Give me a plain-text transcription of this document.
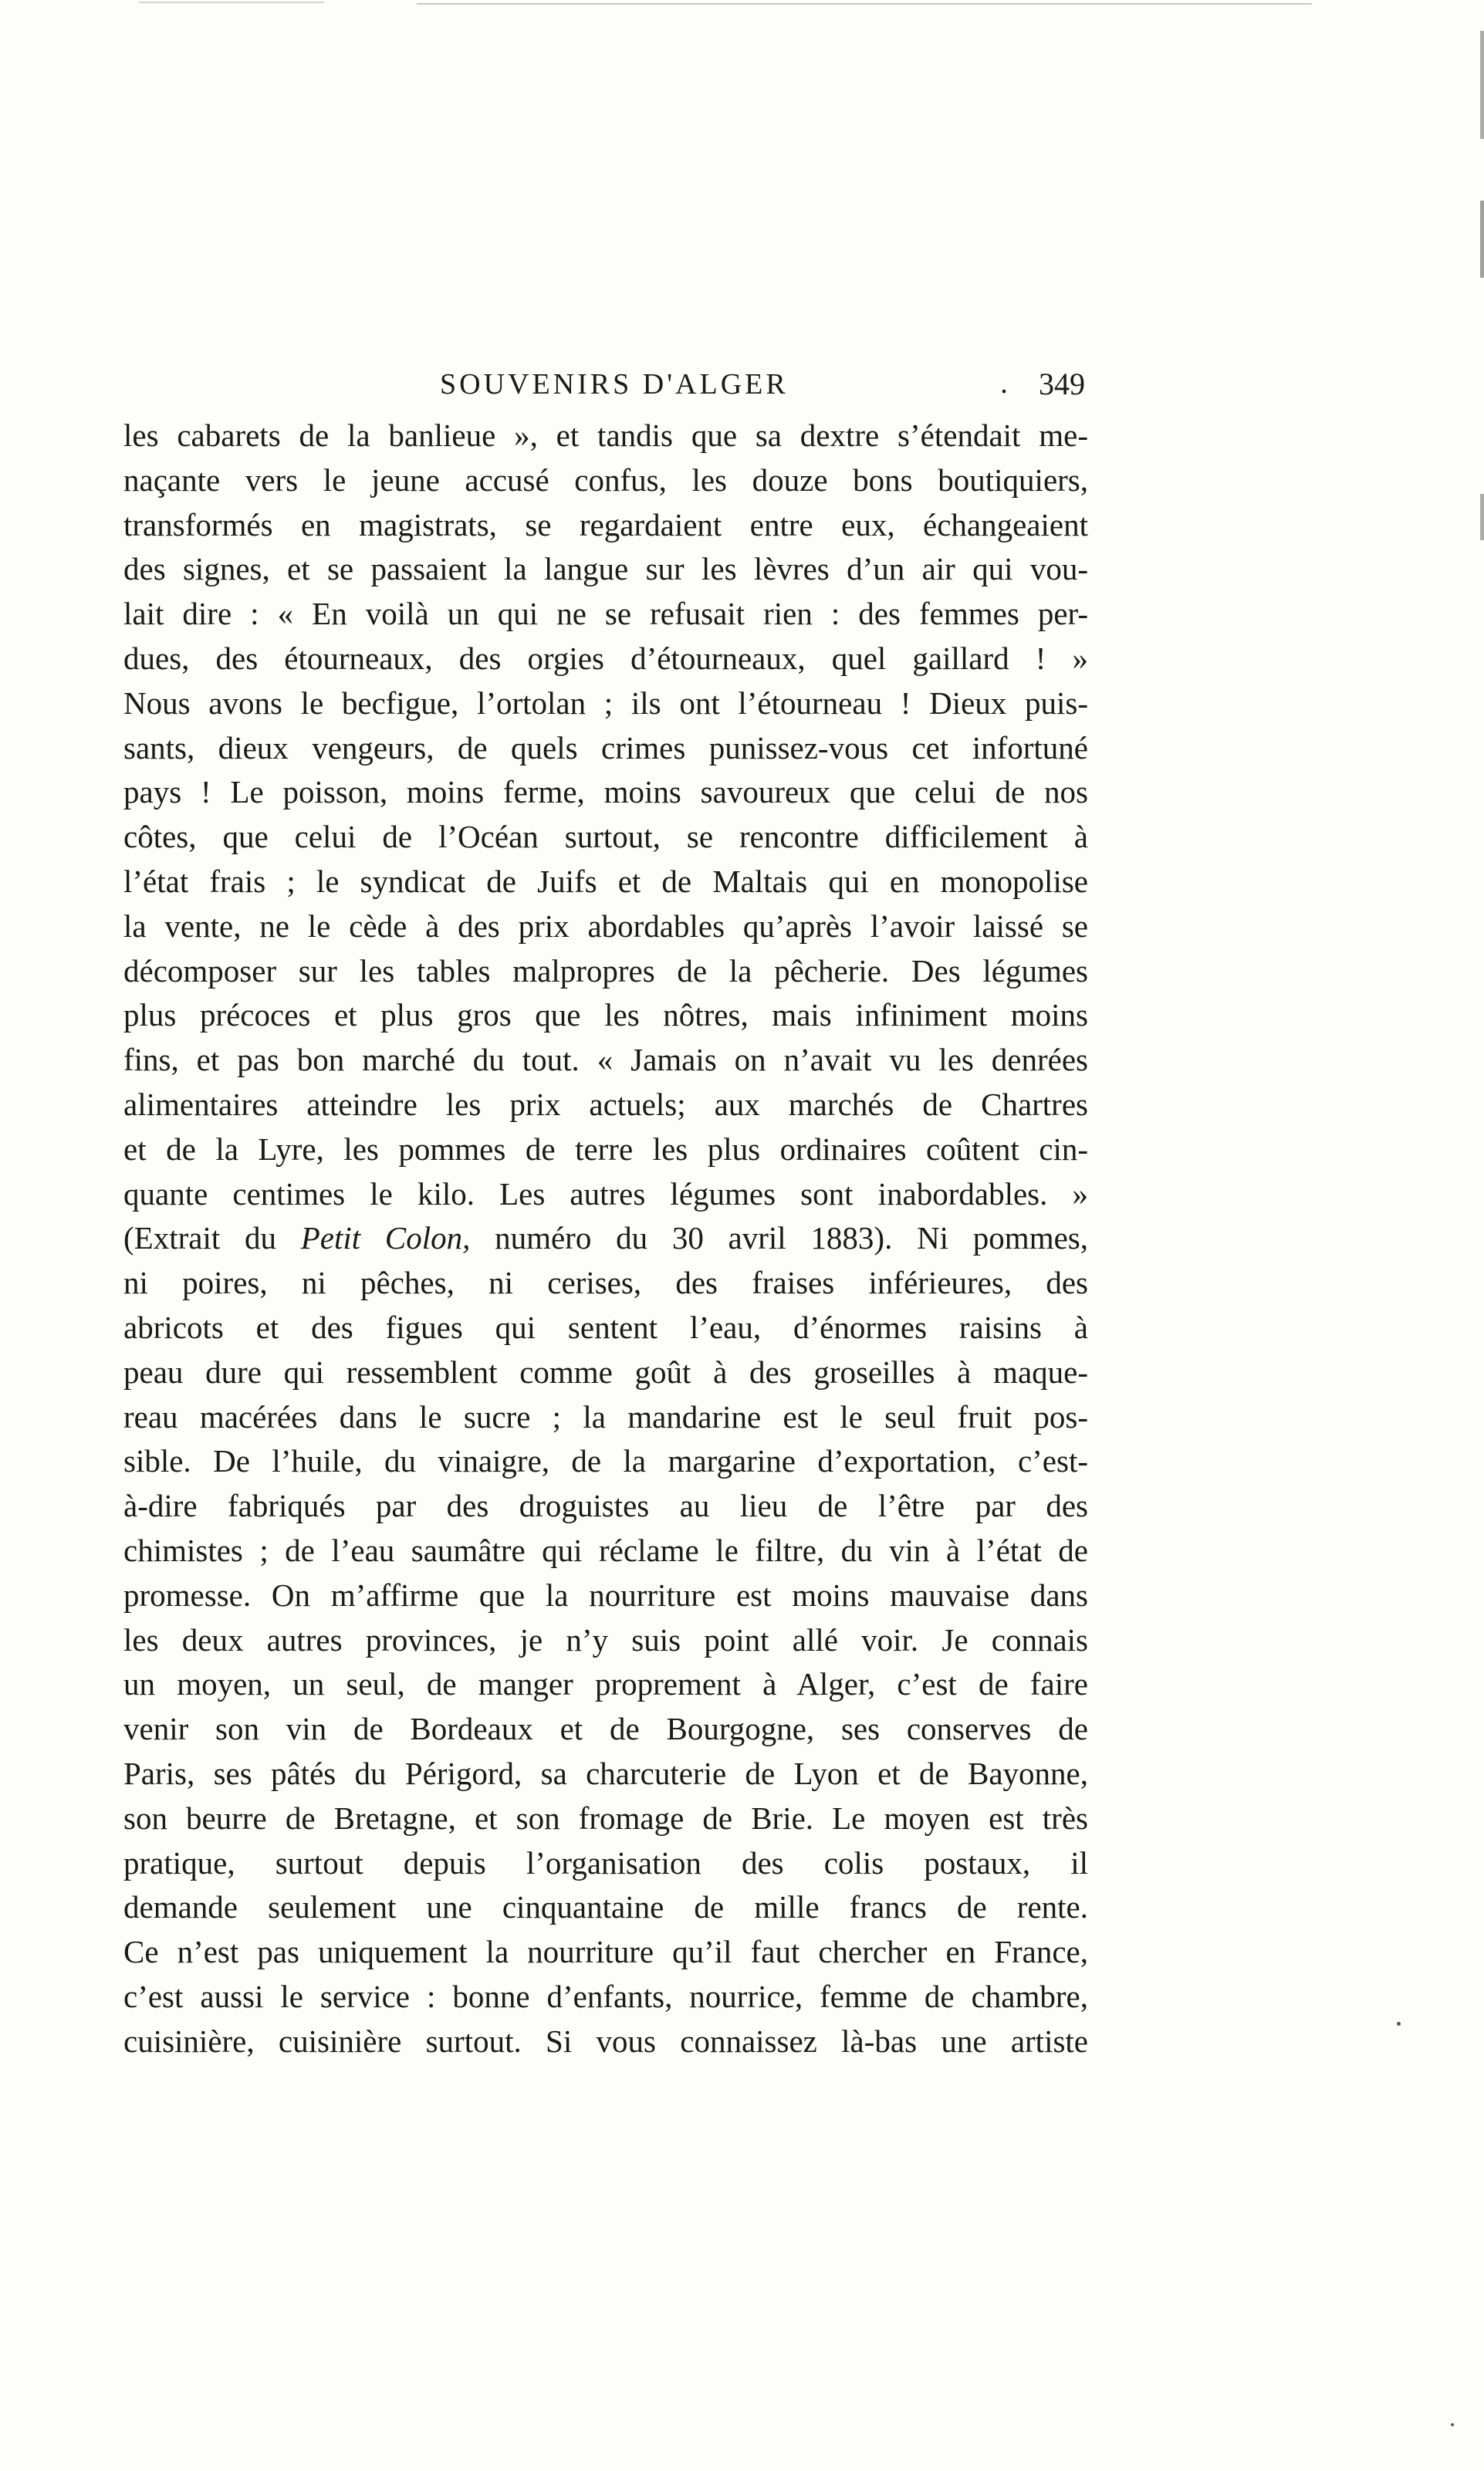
SOUVENIRS D'ALGER	. 349
les cabarets de la banlieue », et tandis que sa dextre s’étendait me-
naçante vers le jeune accusé confus, les douze bons boutiquiers,
transformés en magistrats, se regardaient entre eux, échangeaient
des signes, et se passaient la langue sur les lèvres d’un air qui vou-
lait dire : « En voilà un qui ne se refusait rien : des femmes per-
dues, des étourneaux, des orgies d’étourneaux, quel gaillard ! »
Nous avons le becfigue, l’ortolan ; ils ont l’étourneau ! Dieux puis-
sants, dieux vengeurs, de quels crimes punissez-vous cet infortuné
pays ! Le poisson, moins ferme, moins savoureux que celui de nos
côtes, que celui de l’Océan surtout, se rencontre difficilement à
l’état frais ; le syndicat de Juifs et de Maltais qui en monopolise
la vente, ne le cède à des prix abordables qu’après l’avoir laissé se
décomposer sur les tables malpropres de la pêcherie. Des légumes
plus précoces et plus gros que les nôtres, mais infiniment moins
fins, et pas bon marché du tout. « Jamais on n’avait vu les denrées
alimentaires atteindre les prix actuels; aux marchés de Chartres
et de la Lyre, les pommes de terre les plus ordinaires coûtent cin-
quante centimes le kilo. Les autres légumes sont inabordables. »
(Extrait du Petit Colon, numéro du 30 avril 1883). Ni pommes,
ni poires, ni pêches, ni cerises, des fraises inférieures, des
abricots et des figues qui sentent l’eau, d’énormes raisins à
peau dure qui ressemblent comme goût à des groseilles à maque-
reau macérées dans le sucre ; la mandarine est le seul fruit pos-
sible. De l’huile, du vinaigre, de la margarine d’exportation, c’est-
à-dire fabriqués par des droguistes au lieu de l’être par des
chimistes ; de l’eau saumâtre qui réclame le filtre, du vin à l’état de
promesse. On m’affirme que la nourriture est moins mauvaise dans
les deux autres provinces, je n’y suis point allé voir. Je connais
un moyen, un seul, de manger proprement à Alger, c’est de faire
venir son vin de Bordeaux et de Bourgogne, ses conserves de
Paris, ses pâtés du Périgord, sa charcuterie de Lyon et de Bayonne,
son beurre de Bretagne, et son fromage de Brie. Le moyen est très
pratique, surtout depuis l’organisation des colis postaux, il
demande seulement une cinquantaine de mille francs de rente.
Ce n’est pas uniquement la nourriture qu’il faut chercher en France,
c’est aussi le service : bonne d’enfants, nourrice, femme de chambre,
cuisinière, cuisinière surtout. Si vous connaissez là-bas une artiste
